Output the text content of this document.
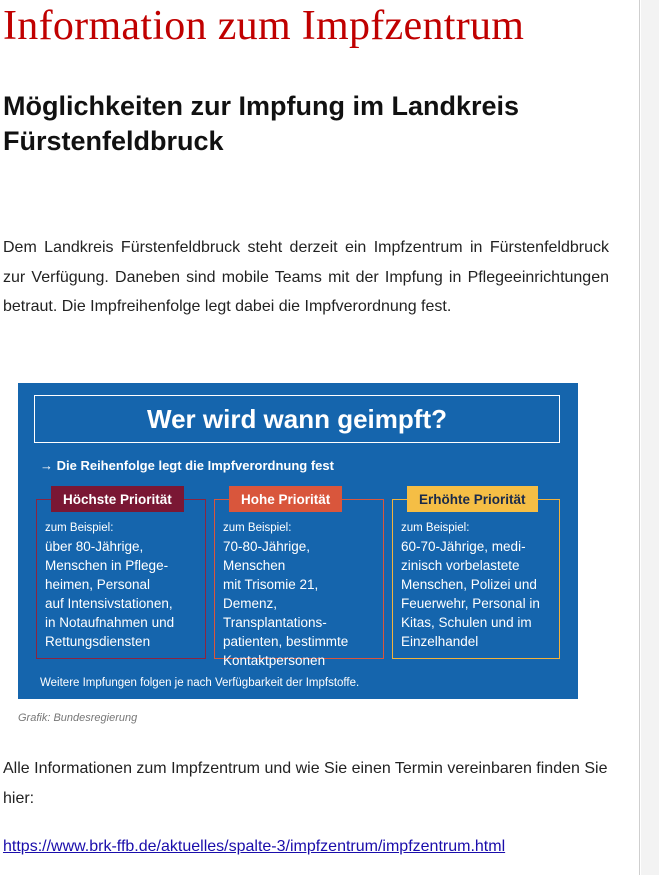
Information zum Impfzentrum
Möglichkeiten zur Impfung im Landkreis Fürstenfeldbruck

Dem Landkreis Fürstenfeldbruck steht derzeit ein Impfzentrum in Fürstenfeldbruck zur Verfügung. Daneben sind mobile Teams mit der Impfung in Pflegeeinrichtungen betraut. Die Impfreihenfolge legt dabei die Impfverordnung fest.

Wer wird wann geimpft?
→ Die Reihenfolge legt die Impfverordnung fest
Höchste Priorität
zum Beispiel:
über 80-Jährige,
Menschen in Pflege-
heimen, Personal
auf Intensivstationen,
in Notaufnahmen und
Rettungsdiensten
Hohe Priorität
zum Beispiel:
70-80-Jährige, Menschen
mit Trisomie 21, Demenz,
Transplantations-
patienten, bestimmte
Kontaktpersonen
Erhöhte Priorität
zum Beispiel:
60-70-Jährige, medi-
zinisch vorbelastete
Menschen, Polizei und
Feuerwehr, Personal in
Kitas, Schulen und im
Einzelhandel
Weitere Impfungen folgen je nach Verfügbarkeit der Impfstoffe.
Grafik: Bundesregierung

Alle Informationen zum Impfzentrum und wie Sie einen Termin vereinbaren finden Sie hier:

https://www.brk-ffb.de/aktuelles/spalte-3/impfzentrum/impfzentrum.html
